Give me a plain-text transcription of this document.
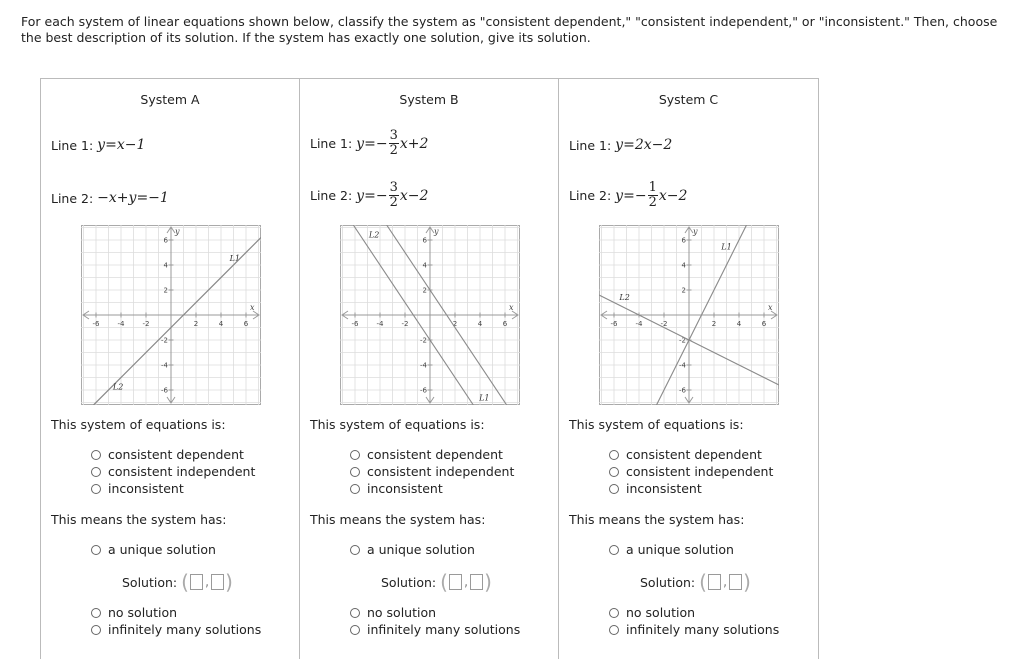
For each system of linear equations shown below, classify the system as "consistent dependent," "consistent independent," or "inconsistent." Then, choose the best description of its solution. If the system has exactly one solution, give its solution.
System A
Line 1:
y = x−1
Line 2:
−x+y = −1
-6	-4	-2	2	4	6
6
4
2
-2
-4
-6
x
y
L1
L2
This system of equations is:
consistent dependent
consistent independent
inconsistent
This means the system has:
a unique solution
Solution:
( , )
no solution
infinitely many solutions
System B
Line 1:
y = − $\frac{3}{2} x+2$
Line 2:
y = − $\frac{3}{2} x-2$
-6	-4	-2	2	4	6
6
4
2
-2
-4
-6
x
y
L1
L2
This system of equations is:
consistent dependent
consistent independent
inconsistent
This means the system has:
a unique solution
Solution:
( , )
no solution
infinitely many solutions
System C
Line 1:
y = 2x−2
Line 2:
y = − $\frac{1}{2} x-2$
-6	-4	-2	2	4	6
6
4
2
-2
-4
-6
x
y
L1
L2
This system of equations is:
consistent dependent
consistent independent
inconsistent
This means the system has:
a unique solution
Solution:
( , )
no solution
infinitely many solutions
